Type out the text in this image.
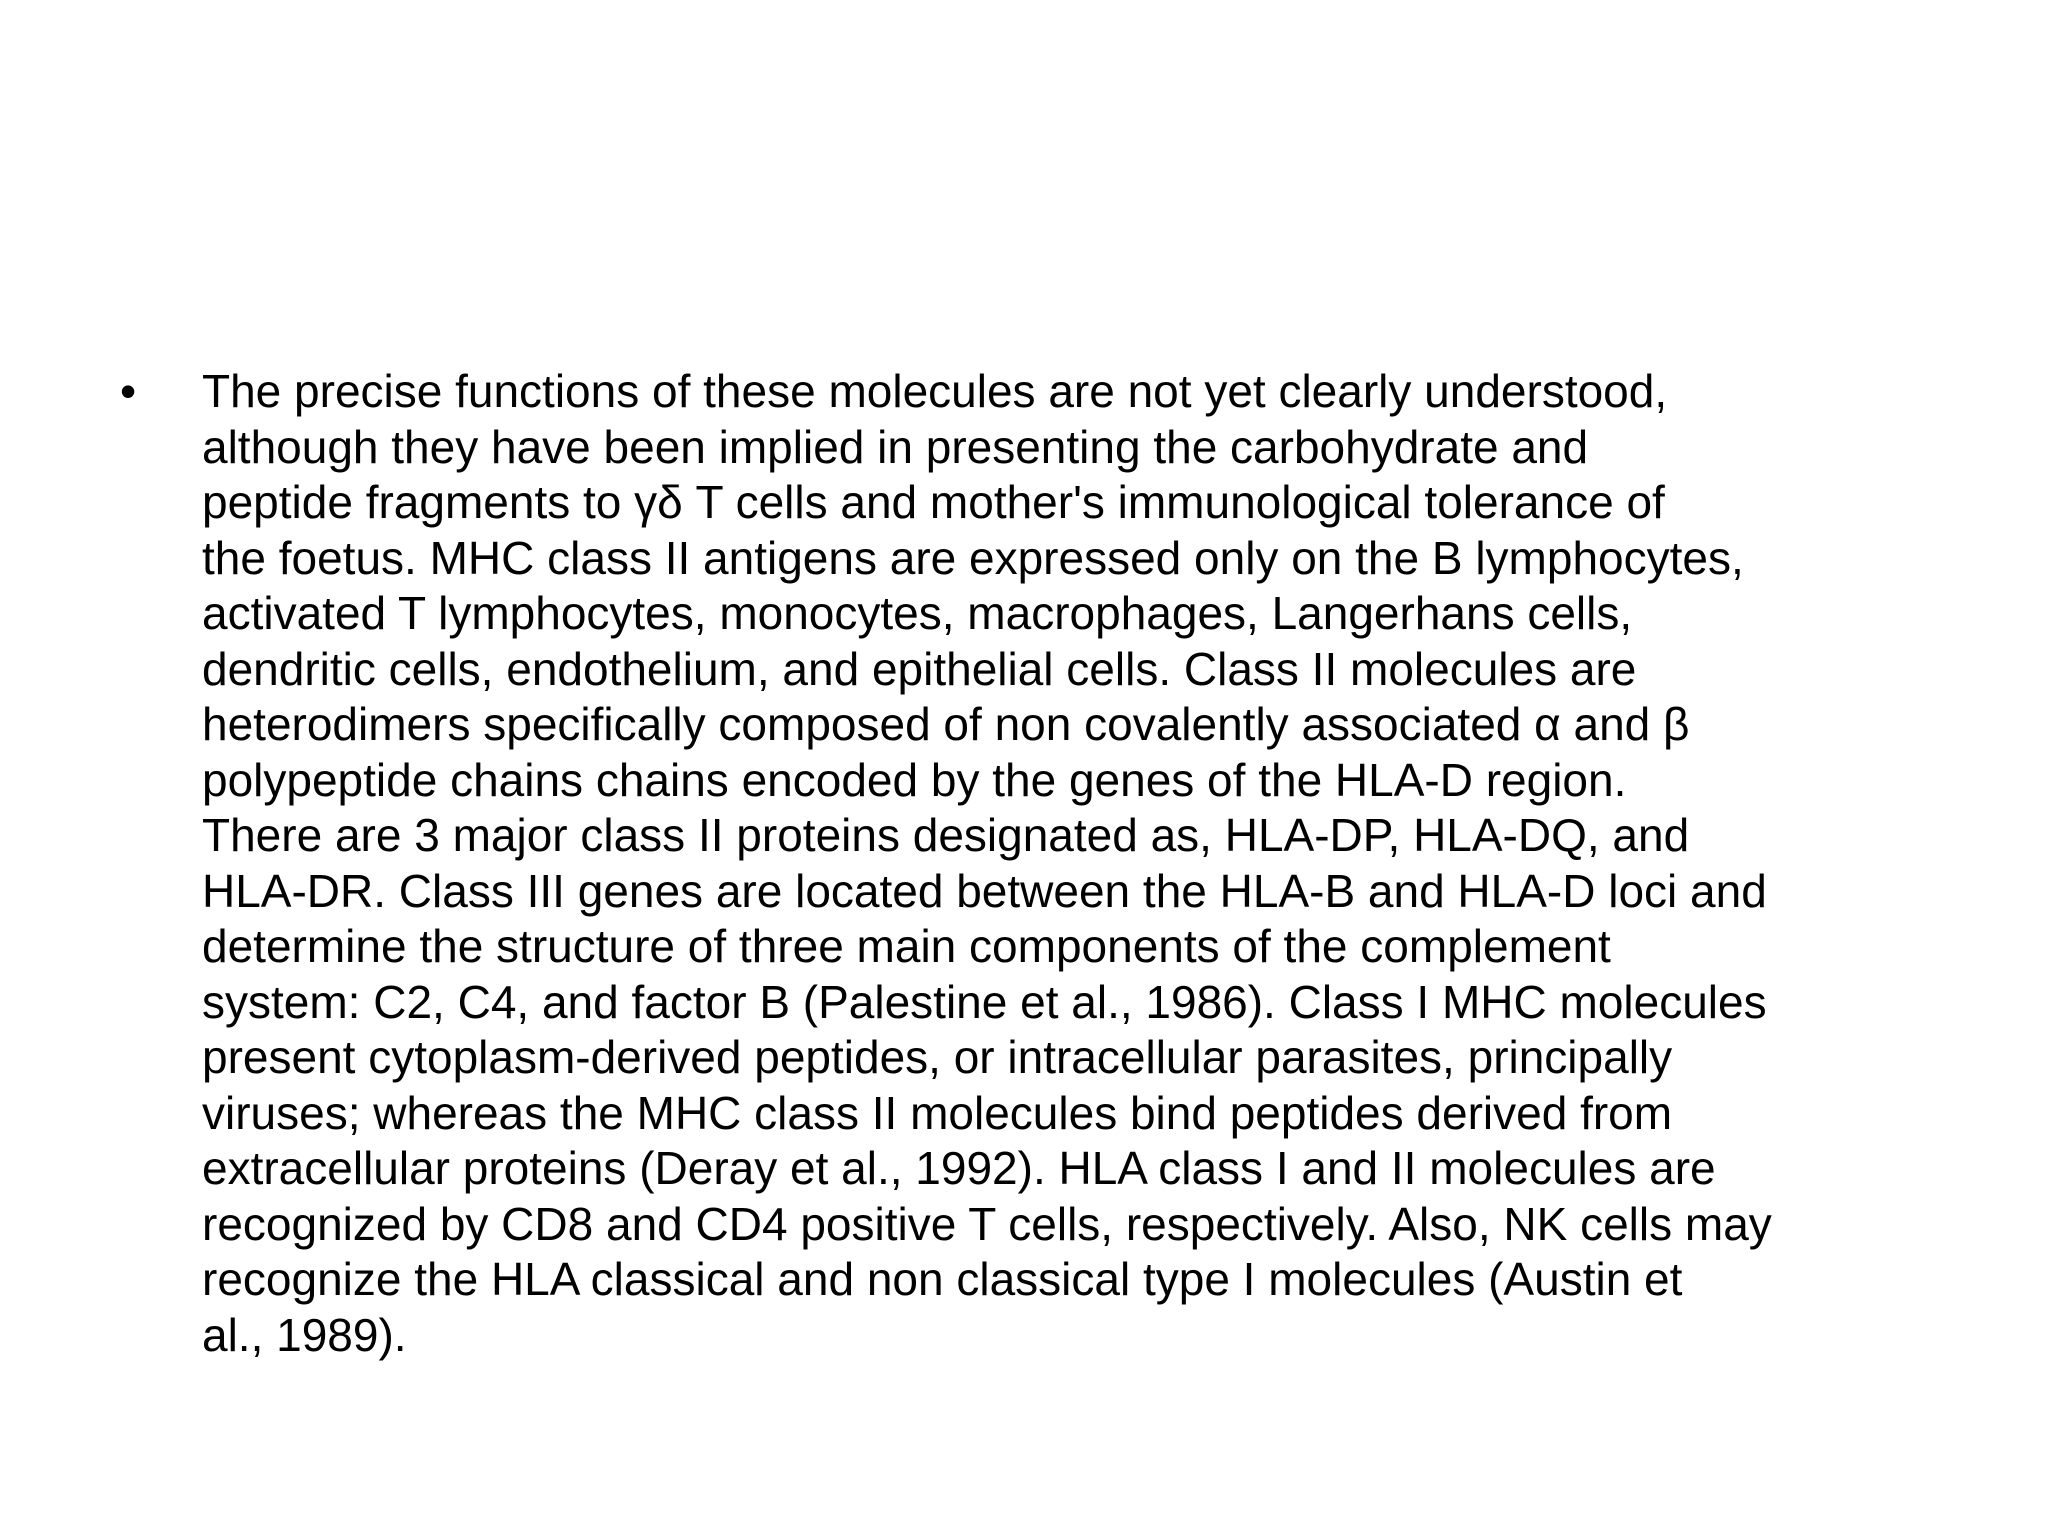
•	The precise functions of these molecules are not yet clearly understood,
although they have been implied in presenting the carbohydrate and
peptide fragments to γδ T cells and mother's immunological tolerance of
the foetus. MHC class II antigens are expressed only on the B lymphocytes,
activated T lymphocytes, monocytes, macrophages, Langerhans cells,
dendritic cells, endothelium, and epithelial cells. Class II molecules are
heterodimers specifically composed of non covalently associated α and β
polypeptide chains chains encoded by the genes of the HLA-D region.
There are 3 major class II proteins designated as, HLA-DP, HLA-DQ, and
HLA-DR. Class III genes are located between the HLA-B and HLA-D loci and
determine the structure of three main components of the complement
system: C2, C4, and factor B (Palestine et al., 1986). Class I MHC molecules
present cytoplasm-derived peptides, or intracellular parasites, principally
viruses; whereas the MHC class II molecules bind peptides derived from
extracellular proteins (Deray et al., 1992). HLA class I and II molecules are
recognized by CD8 and CD4 positive T cells, respectively. Also, NK cells may
recognize the HLA classical and non classical type I molecules (Austin et
al., 1989).
